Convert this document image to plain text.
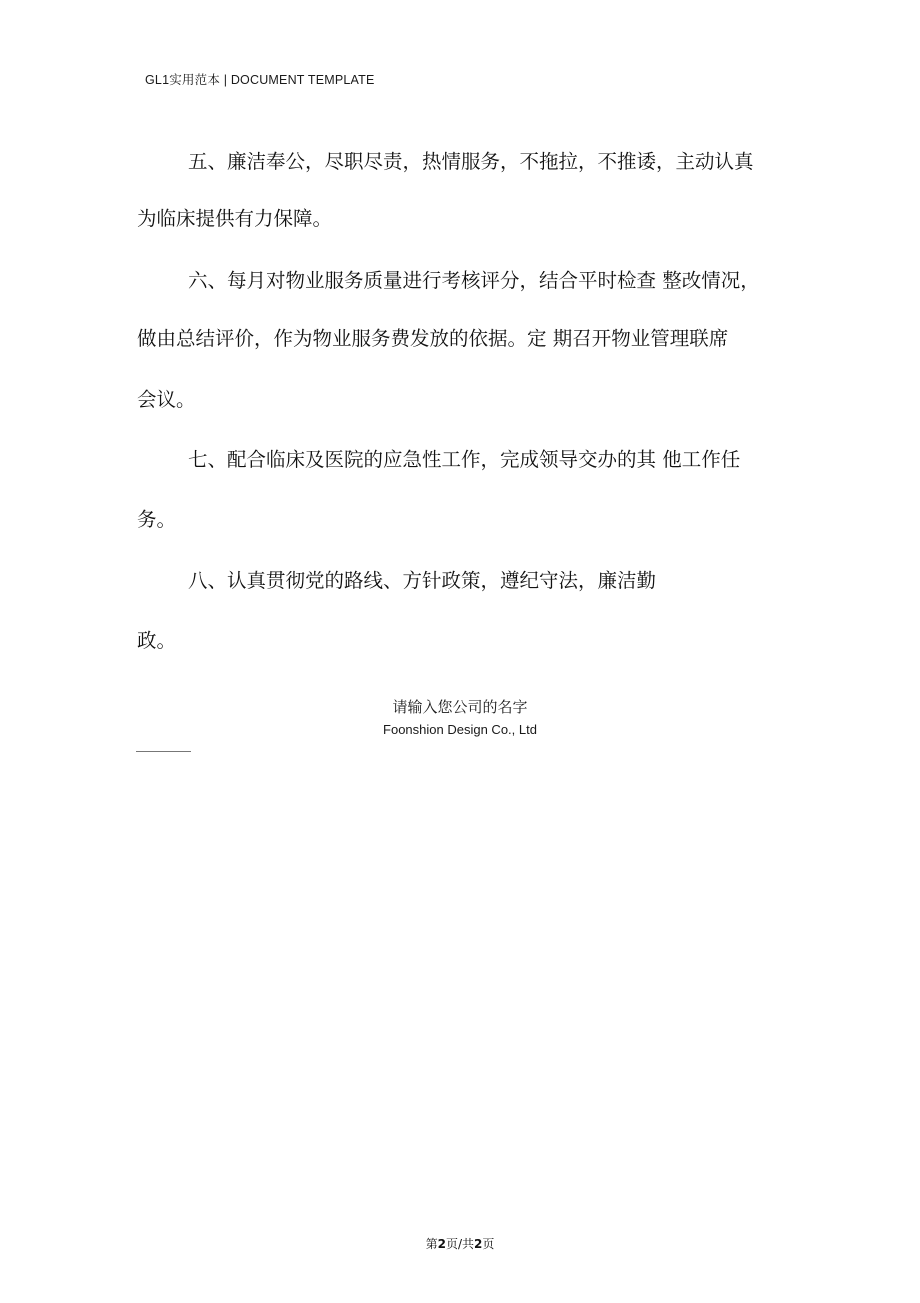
GL1实用范本 | DOCUMENT TEMPLATE
五、廉洁奉公，尽职尽责，热情服务，不拖拉，不推诿，主动认真
为临床提供有力保障。
六、每月对物业服务质量进行考核评分，结合平时检查 整改情况，
做由总结评价，作为物业服务费发放的依据。定 期召开物业管理联席
会议。
七、配合临床及医院的应急性工作，完成领导交办的其 他工作任
务。
八、认真贯彻党的路线、方针政策，遵纪守法，廉洁勤
政。
请输入您公司的名字
Foonshion Design Co., Ltd
第2页/共2页
